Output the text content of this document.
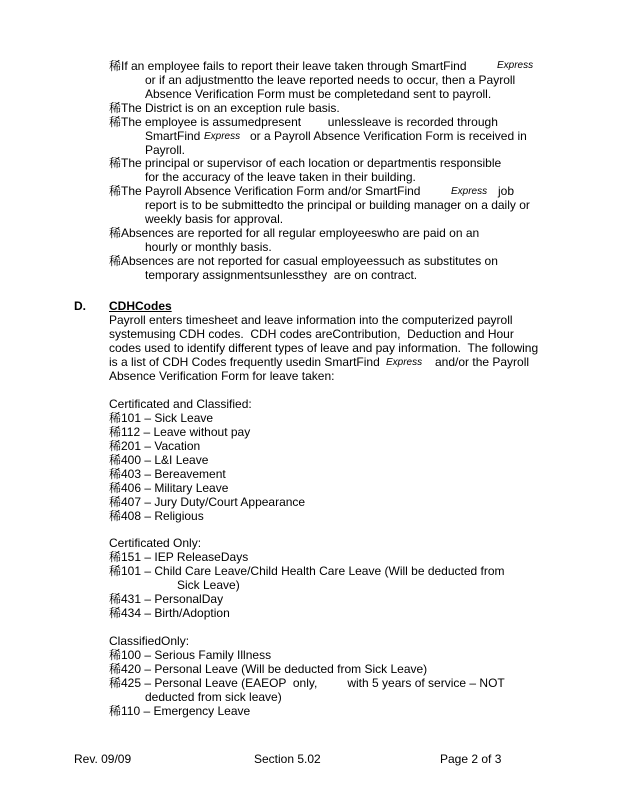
稀 If an employee fails to report their leave taken through SmartFind	Express
or if an adjustmentto the leave reported needs to occur, then a Payroll
Absence Verification Form must be completedand sent to payroll.
稀 The District is on an exception rule basis.
稀 The employee is assumedpresent        unlessleave is recorded through
SmartFind Express or a Payroll Absence Verification Form is received in
Payroll.
稀 The principal or supervisor of each location or departmentis responsible
for the accuracy of the leave taken in their building.
稀 The Payroll Absence Verification Form and/or SmartFind	Express job
report is to be submittedto the principal or building manager on a daily or
weekly basis for approval.
稀 Absences are reported for all regular employeeswho are paid on an
hourly or monthly basis.
稀 Absences are not reported for casual employeessuch as substitutes on
temporary assignmentsunlessthey  are on contract.
D. CDHCodes
Payroll enters timesheet and leave information into the computerized payroll
systemusing CDH codes.  CDH codes areContribution,  Deduction and Hour
codes used to identify different types of leave and pay information.  The following
is a list of CDH Codes frequently usedin SmartFind Express and/or the Payroll
Absence Verification Form for leave taken:
Certificated and Classified:
稀 101 – Sick Leave
稀 112 – Leave without pay
稀 201 – Vacation
稀 400 – L&I Leave
稀 403 – Bereavement
稀 406 – Military Leave
稀 407 – Jury Duty/Court Appearance
稀 408 – Religious
Certificated Only:
稀 151 – IEP ReleaseDays
稀 101 – Child Care Leave/Child Health Care Leave (Will be deducted from
Sick Leave)
稀 431 – PersonalDay
稀 434 – Birth/Adoption
ClassifiedOnly:
稀 100 – Serious Family Illness
稀 420 – Personal Leave (Will be deducted from Sick Leave)
稀 425 – Personal Leave (EAEOP  only,         with 5 years of service – NOT
deducted from sick leave)
稀 110 – Emergency Leave
Rev. 09/09	Section 5.02	Page 2 of 3
